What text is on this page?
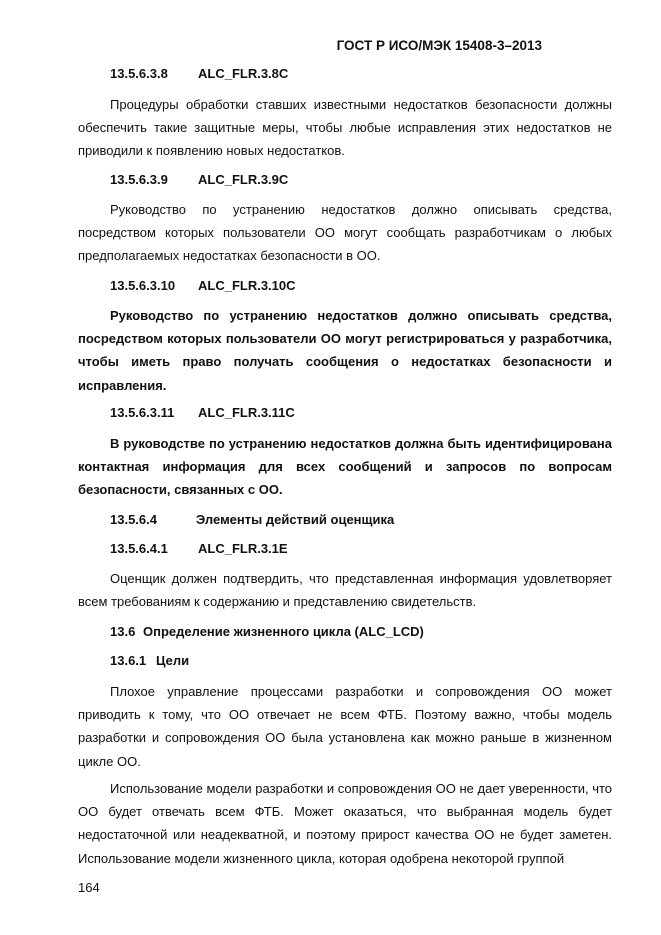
ГОСТ Р ИСО/МЭК 15408-3–2013
13.5.6.3.8 ALC_FLR.3.8C

Процедуры обработки ставших известными недостатков безопасности должны обеспечить такие защитные меры, чтобы любые исправления этих недостатков не приводили к появлению новых недостатков.

13.5.6.3.9 ALC_FLR.3.9C

Руководство по устранению недостатков должно описывать средства, посредством которых пользователи ОО могут сообщать разработчикам о любых предполагаемых недостатках безопасности в ОО.

13.5.6.3.10 ALC_FLR.3.10C

Руководство по устранению недостатков должно описывать средства, посредством которых пользователи ОО могут регистрироваться у разработчика, чтобы иметь право получать сообщения о недостатках безопасности и исправления.

13.5.6.3.11 ALC_FLR.3.11C

В руководстве по устранению недостатков должна быть идентифицирована контактная информация для всех сообщений и запросов по вопросам безопасности, связанных с ОО.

13.5.6.4	Элементы действий оценщика
13.5.6.4.1 ALC_FLR.3.1E

Оценщик должен подтвердить, что представленная информация удовлетворяет всем требованиям к содержанию и представлению свидетельств.

13.6 Определение жизненного цикла (ALC_LCD)
13.6.1 Цели

Плохое управление процессами разработки и сопровождения ОО может приводить к тому, что ОО отвечает не всем ФТБ. Поэтому важно, чтобы модель разработки и сопровождения ОО была установлена как можно раньше в жизненном цикле ОО.

Использование модели разработки и сопровождения ОО не дает уверенности, что ОО будет отвечать всем ФТБ. Может оказаться, что выбранная модель будет недостаточной или неадекватной, и поэтому прирост качества ОО не будет заметен. Использование модели жизненного цикла, которая одобрена некоторой группой

164
